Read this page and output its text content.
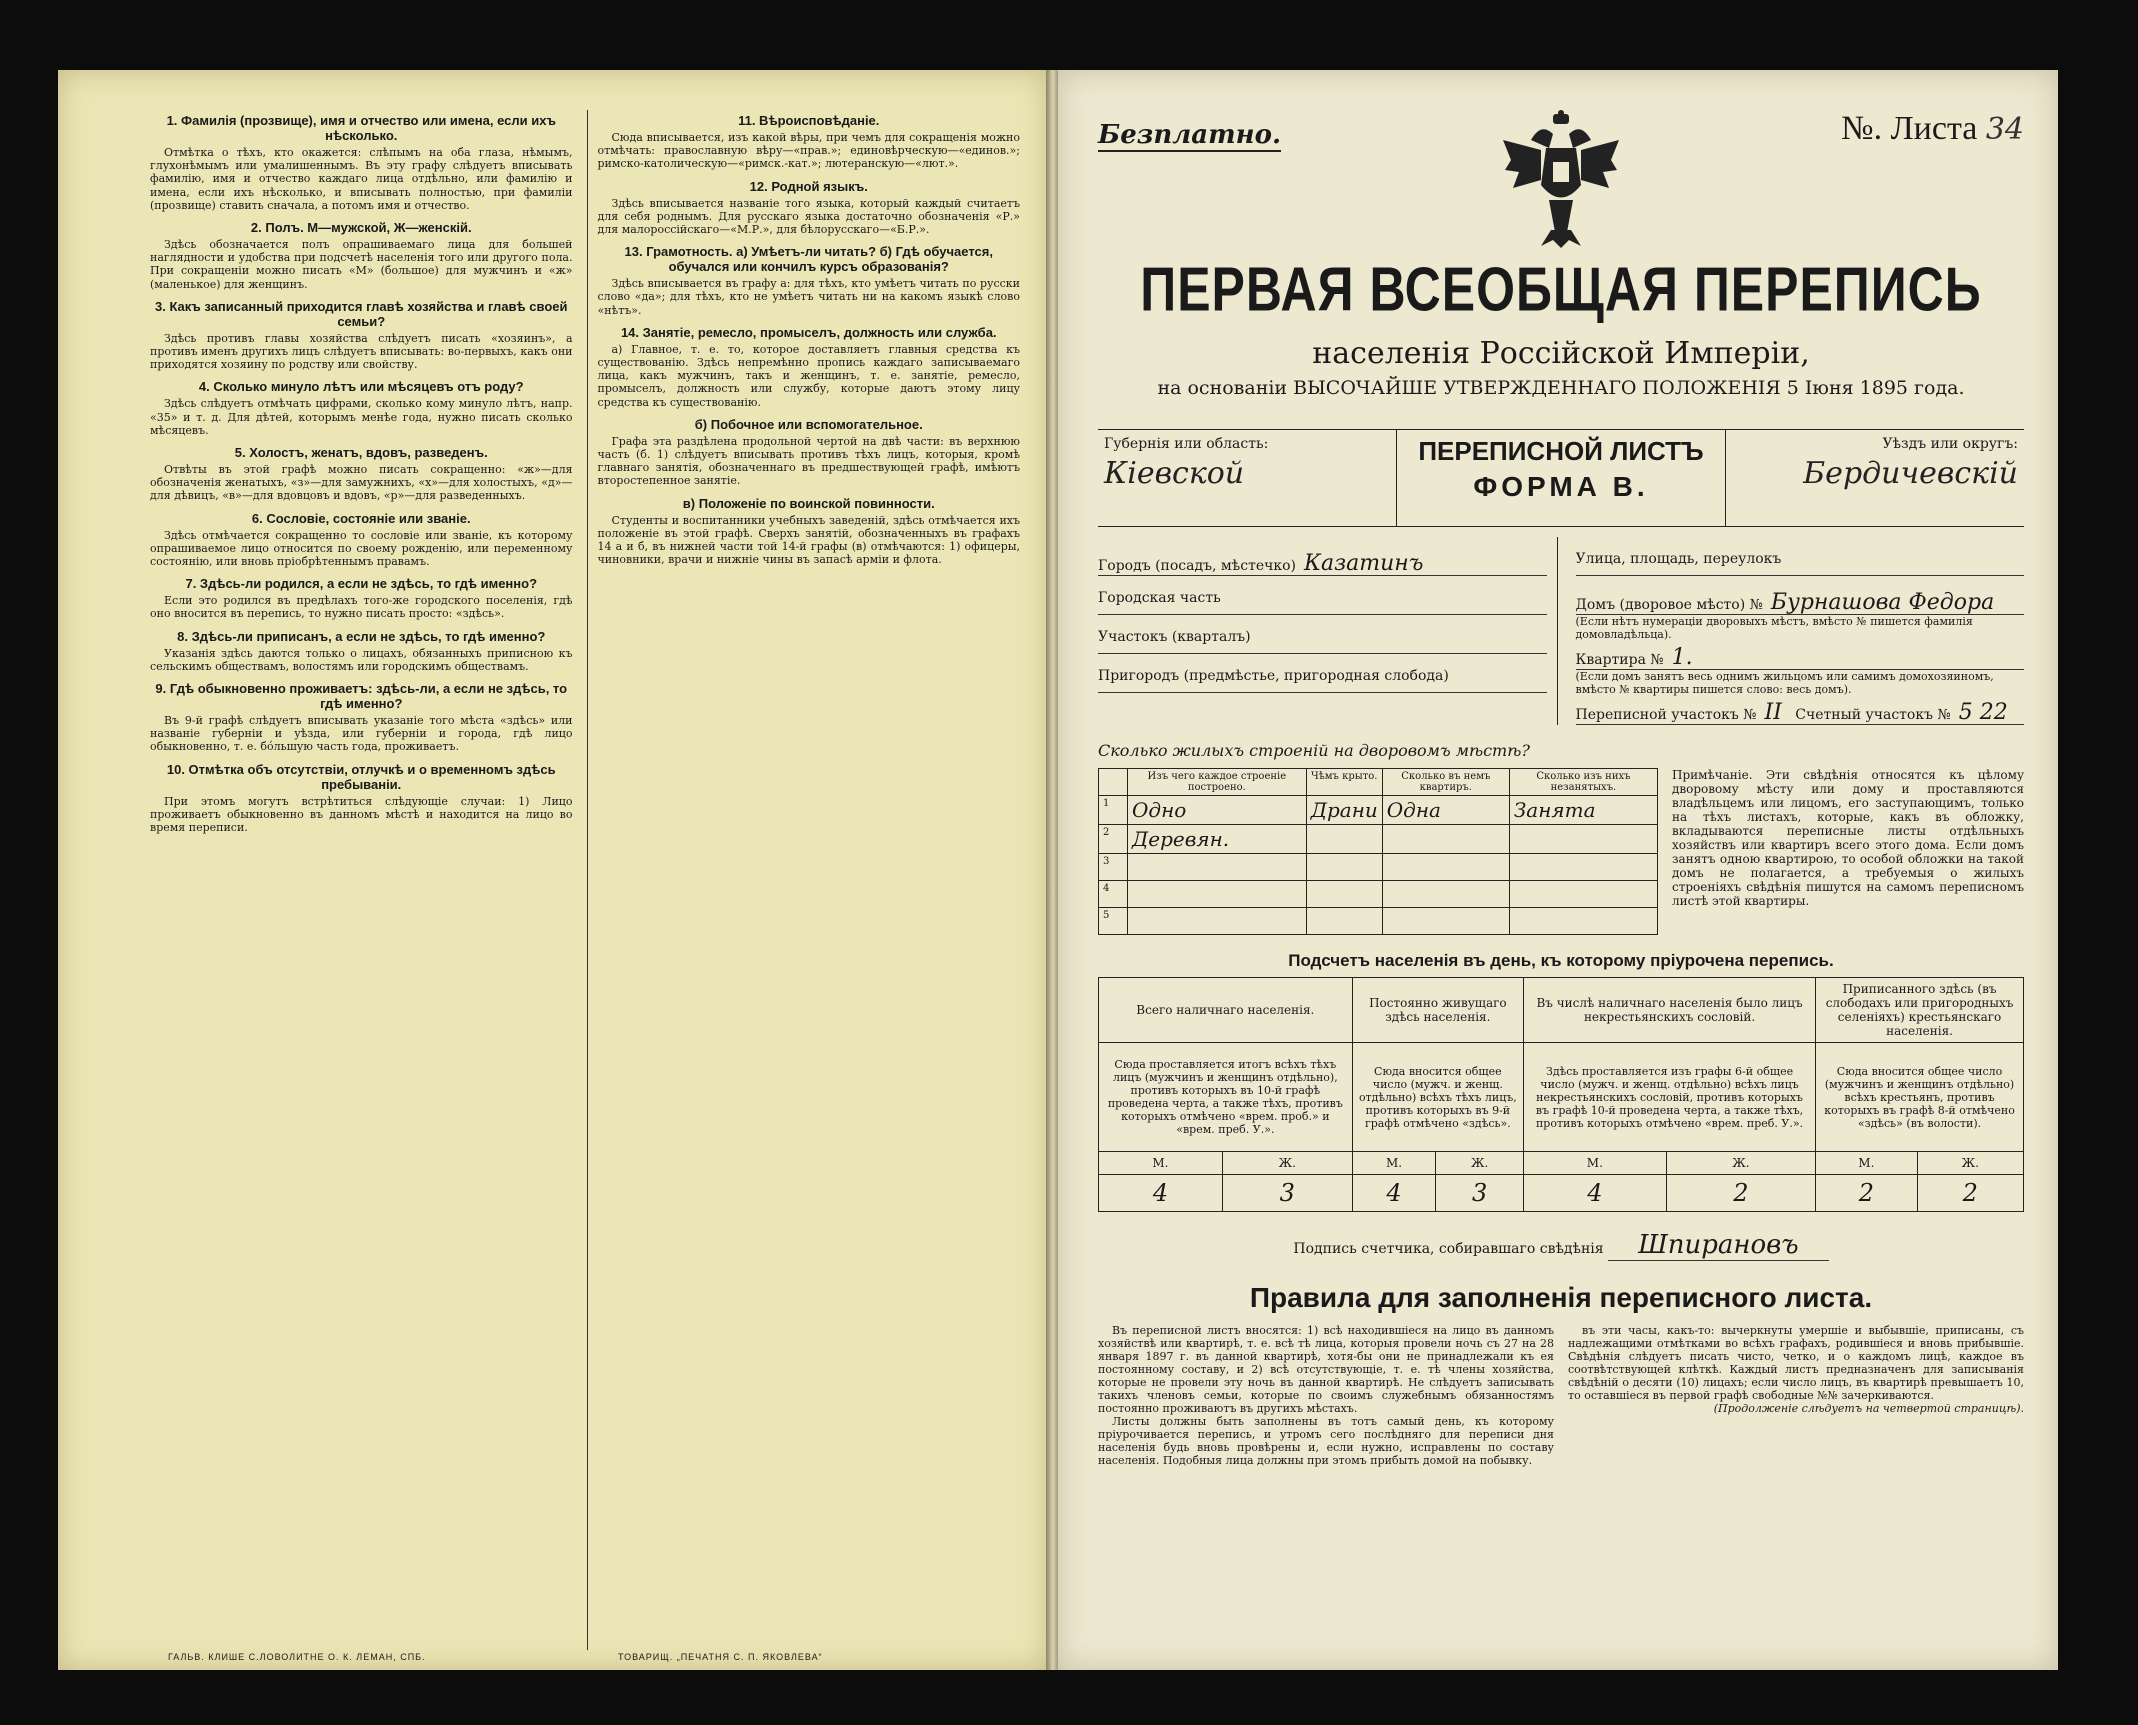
1. Фамилія (прозвище), имя и отчество или имена, если ихъ нѣсколько.

Отмѣтка о тѣхъ, кто окажется: слѣпымъ на оба глаза, нѣмымъ, глухонѣмымъ или умалишеннымъ. Въ эту графу слѣдуетъ вписывать фамилію, имя и отчество каждаго лица отдѣльно, или фамилію и имена, если ихъ нѣсколько, и вписывать полностью, при фамиліи (прозвище) ставить сначала, а потомъ имя и отчество.

2. Полъ. М—мужской, Ж—женскій.

Здѣсь обозначается полъ опрашиваемаго лица для большей наглядности и удобства при подсчетѣ населенія того или другого пола. При сокращеніи можно писать «М» (большое) для мужчинъ и «ж» (маленькое) для женщинъ.

3. Какъ записанный приходится главѣ хозяйства и главѣ своей семьи?

Здѣсь противъ главы хозяйства слѣдуетъ писать «хозяинъ», а противъ именъ другихъ лицъ слѣдуетъ вписывать: во-первыхъ, какъ они приходятся хозяину по родству или свойству.

4. Сколько минуло лѣтъ или мѣсяцевъ отъ роду?

Здѣсь слѣдуетъ отмѣчать цифрами, сколько кому минуло лѣтъ, напр. «35» и т. д. Для дѣтей, которымъ менѣе года, нужно писать сколько мѣсяцевъ.

5. Холостъ, женатъ, вдовъ, разведенъ.

Отвѣты въ этой графѣ можно писать сокращенно: «ж»—для обозначенія женатыхъ, «з»—для замужнихъ, «х»—для холостыхъ, «д»—для дѣвицъ, «в»—для вдовцовъ и вдовъ, «р»—для разведенныхъ.

6. Сословіе, состояніе или званіе.

Здѣсь отмѣчается сокращенно то сословіе или званіе, къ которому опрашиваемое лицо относится по своему рожденію, или переменному состоянію, или вновь пріобрѣтеннымъ правамъ.

7. Здѣсь-ли родился, а если не здѣсь, то гдѣ именно?

Если это родился въ предѣлахъ того-же городского поселенія, гдѣ оно вносится въ перепись, то нужно писать просто: «здѣсь».

8. Здѣсь-ли приписанъ, а если не здѣсь, то гдѣ именно?

Указанія здѣсь даются только о лицахъ, обязанныхъ приписною къ сельскимъ обществамъ, волостямъ или городскимъ обществамъ.

9. Гдѣ обыкновенно проживаетъ: здѣсь-ли, а если не здѣсь, то гдѣ именно?

Въ 9-й графѣ слѣдуетъ вписывать указаніе того мѣста «здѣсь» или названіе губерніи и уѣзда, или губерніи и города, гдѣ лицо обыкновенно, т. е. бóльшую часть года, проживаетъ.

10. Отмѣтка объ отсутствіи, отлучкѣ и о временномъ здѣсь пребываніи.

При этомъ могутъ встрѣтиться слѣдующіе случаи: 1) Лицо проживаетъ обыкновенно въ данномъ мѣстѣ и находится на лицо во время переписи.

11. Вѣроисповѣданіе.

Сюда вписывается, изъ какой вѣры, при чемъ для сокращенія можно отмѣчать: православную вѣру—«прав.»; единовѣрческую—«единов.»; римско-католическую—«римск.-кат.»; лютеранскую—«лют.».

12. Родной языкъ.

Здѣсь вписывается названіе того языка, который каждый считаетъ для себя роднымъ. Для русскаго языка достаточно обозначенія «Р.» для малороссійскаго—«М.Р.», для бѣлорусскаго—«Б.Р.».

13. Грамотность. а) Умѣетъ-ли читать? б) Гдѣ обучается, обучался или кончилъ курсъ образованія?

Здѣсь вписывается въ графу а: для тѣхъ, кто умѣетъ читать по русски слово «да»; для тѣхъ, кто не умѣетъ читать ни на какомъ языкѣ слово «нѣтъ».

14. Занятіе, ремесло, промыселъ, должность или служба.

а) Главное, т. е. то, которое доставляетъ главныя средства къ существованію. Здѣсь непремѣнно пропись каждаго записываемаго лица, какъ мужчинъ, такъ и женщинъ, т. е. занятіе, ремесло, промыселъ, должность или службу, которые даютъ этому лицу средства къ существованію.

б) Побочное или вспомогательное.

Графа эта раздѣлена продольной чертой на двѣ части: въ верхнюю часть (б. 1) слѣдуетъ вписывать противъ тѣхъ лицъ, которыя, кромѣ главнаго занятія, обозначеннаго въ предшествующей графѣ, имѣютъ второстепенное занятіе.

в) Положеніе по воинской повинности.

Студенты и воспитанники учебныхъ заведеній, здѣсь отмѣчается ихъ положеніе въ этой графѣ. Сверхъ занятій, обозначенныхъ въ графахъ 14 а и б, въ нижней части той 14-й графы (в) отмѣчаются: 1) офицеры, чиновники, врачи и нижніе чины въ запасѣ арміи и флота.

ГАЛЬВ. КЛИШЕ С.ЛОВОЛИТНЕ О. К. ЛЕМАН, СПБ.	ТОВАРИЩ. „ПЕЧАТНЯ С. П. ЯКОВЛЕВА“
Безплатно.	№. Листа 34
ПЕРВАЯ ВСЕОБЩАЯ ПЕРЕПИСЬ
населенія Россійской Имперіи,
на основаніи ВЫСОЧАЙШЕ УТВЕРЖДЕННАГО ПОЛОЖЕНІЯ 5 Іюня 1895 года.
Губернія или область:
Кіевской
ПЕРЕПИСНОЙ ЛИСТЪ
ФОРМА В.
Уѣздъ или округъ:
Бердичевскій
Городъ (посадъ, мѣстечко) Казатинъ
Городская часть
Участокъ (кварталъ)
Пригородъ (предмѣстье, пригородная слобода)
Улица, площадь, переулокъ
Домъ (дворовое мѣсто) № Бурнашова Федора
(Если нѣтъ нумераціи дворовыхъ мѣстъ, вмѣсто № пишется фамилія домовладѣльца).
Квартира № 1.
(Если домъ занятъ весь однимъ жильцомъ или самимъ домохозяиномъ, вмѣсто № квартиры пишется слово: весь домъ).
Переписной участокъ № II Счетный участокъ № 5 22
Сколько жилыхъ строеній на дворовомъ мѣстѣ?
	Изъ чего каждое строеніе построено.	Чѣмъ крыто.	Сколько въ немъ квартиръ.	Сколько изъ нихъ незанятыхъ.
1	Одно	Драни	Одна	Занята
2	Деревян.			
3				
4				
5				
Примѣчаніе. Эти свѣдѣнія относятся къ цѣлому дворовому мѣсту или дому и проставляются владѣльцемъ или лицомъ, его заступающимъ, только на тѣхъ листахъ, которые, какъ въ обложку, вкладываются переписные листы отдѣльныхъ хозяйствъ или квартиръ всего этого дома. Если домъ занятъ одною квартирою, то особой обложки на такой домъ не полагается, а требуемыя о жилыхъ строеніяхъ свѣдѣнія пишутся на самомъ переписномъ листѣ этой квартиры.
Подсчетъ населенія въ день, къ которому пріурочена перепись.
Всего наличнаго населенія.		Постоянно живущаго здѣсь населенія.		Въ числѣ наличнаго населенія было лицъ некрестьянскихъ сословій.		Приписанного здѣсь (въ слободахъ или пригородныхъ селеніяхъ) крестьянскаго населенія.	
Сюда проставляется итогъ всѣхъ тѣхъ лицъ (мужчинъ и женщинъ отдѣльно), противъ которыхъ въ 10-й графѣ проведена черта, а также тѣхъ, противъ которыхъ отмѣчено «врем. проб.» и «врем. преб. У.».		Сюда вносится общее число (мужч. и женщ. отдѣльно) всѣхъ тѣхъ лицъ, противъ которыхъ въ 9-й графѣ отмѣчено «здѣсь».		Здѣсь проставляется изъ графы 6-й общее число (мужч. и женщ. отдѣльно) всѣхъ лицъ некрестьянскихъ сословій, противъ которыхъ въ графѣ 10-й проведена черта, а также тѣхъ, противъ которыхъ отмѣчено «врем. преб. У.».		Сюда вносится общее число (мужчинъ и женщинъ отдѣльно) всѣхъ крестьянъ, противъ которыхъ въ графѣ 8-й отмѣчено «здѣсь» (въ волости).	
М.	Ж.	М.	Ж.	М.	Ж.	М.	Ж.
4	3	4	3	4	2	2	2
Подпись счетчика, собиравшаго свѣдѣнія Шпирановъ
Правила для заполненія переписного листа.

Въ переписной листъ вносятся: 1) всѣ находившіеся на лицо въ данномъ хозяйствѣ или квартирѣ, т. е. всѣ тѣ лица, которыя провели ночь съ 27 на 28 января 1897 г. въ данной квартирѣ, хотя-бы они не принадлежали къ ея постоянному составу, и 2) всѣ отсутствующіе, т. е. тѣ члены хозяйства, которые не провели эту ночь въ данной квартирѣ. Не слѣдуетъ записывать такихъ членовъ семьи, которые по своимъ служебнымъ обязанностямъ постоянно проживаютъ въ другихъ мѣстахъ.

Листы должны быть заполнены въ тотъ самый день, къ которому пріурочивается перепись, и утромъ сего послѣдняго для переписи дня населенія будь вновь провѣрены и, если нужно, исправлены по составу населенія. Подобныя лица должны при этомъ прибыть домой на побывку.

въ эти часы, какъ-то: вычеркнуты умершіе и выбывшіе, приписаны, съ надлежащими отмѣтками во всѣхъ графахъ, родившіеся и вновь прибывшіе. Свѣдѣнія слѣдуетъ писать чисто, четко, и о каждомъ лицѣ, каждое въ соотвѣтствующей клѣткѣ. Каждый листъ предназначенъ для записыванія свѣдѣній о десяти (10) лицахъ; если число лицъ, въ квартирѣ превышаетъ 10, то оставшіеся въ первой графѣ свободные №№ зачеркиваются.

(Продолженіе слѣдуетъ на четвертой страницѣ).
